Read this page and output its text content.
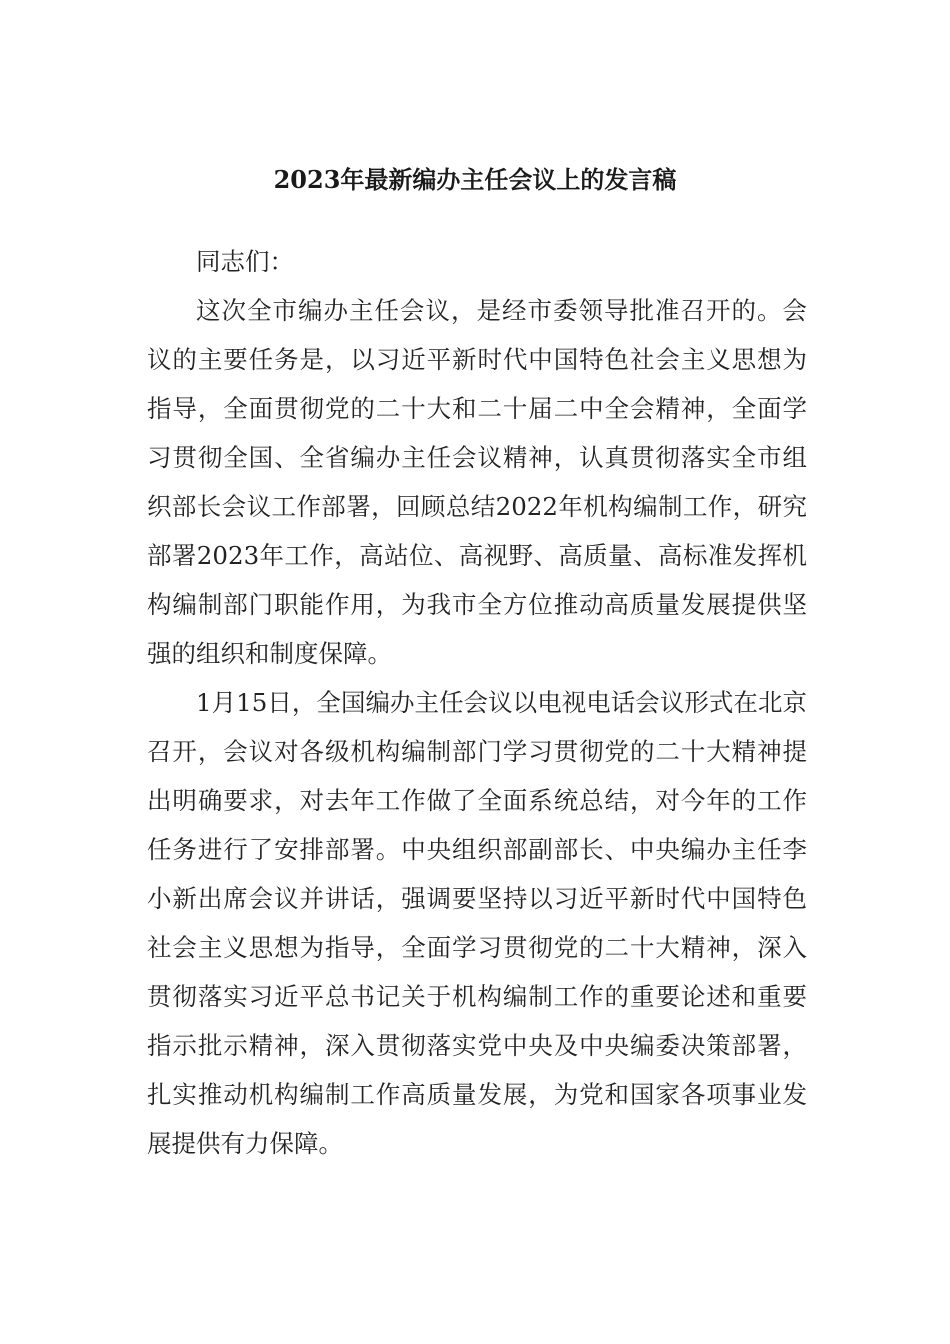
2023年最新编办主任会议上的发言稿

同志们：

这次全市编办主任会议，是经市委领导批准召开的。会议的主要任务是，以习近平新时代中国特色社会主义思想为指导，全面贯彻党的二十大和二十届二中全会精神，全面学习贯彻全国、全省编办主任会议精神，认真贯彻落实全市组织部长会议工作部署，回顾总结2022年机构编制工作，研究部署2023年工作，高站位、高视野、高质量、高标准发挥机构编制部门职能作用，为我市全方位推动高质量发展提供坚强的组织和制度保障。

1月15日，全国编办主任会议以电视电话会议形式在北京召开，会议对各级机构编制部门学习贯彻党的二十大精神提出明确要求，对去年工作做了全面系统总结，对今年的工作任务进行了安排部署。中央组织部副部长、中央编办主任李小新出席会议并讲话，强调要坚持以习近平新时代中国特色社会主义思想为指导，全面学习贯彻党的二十大精神，深入贯彻落实习近平总书记关于机构编制工作的重要论述和重要指示批示精神，深入贯彻落实党中央及中央编委决策部署，扎实推动机构编制工作高质量发展，为党和国家各项事业发展提供有力保障。
